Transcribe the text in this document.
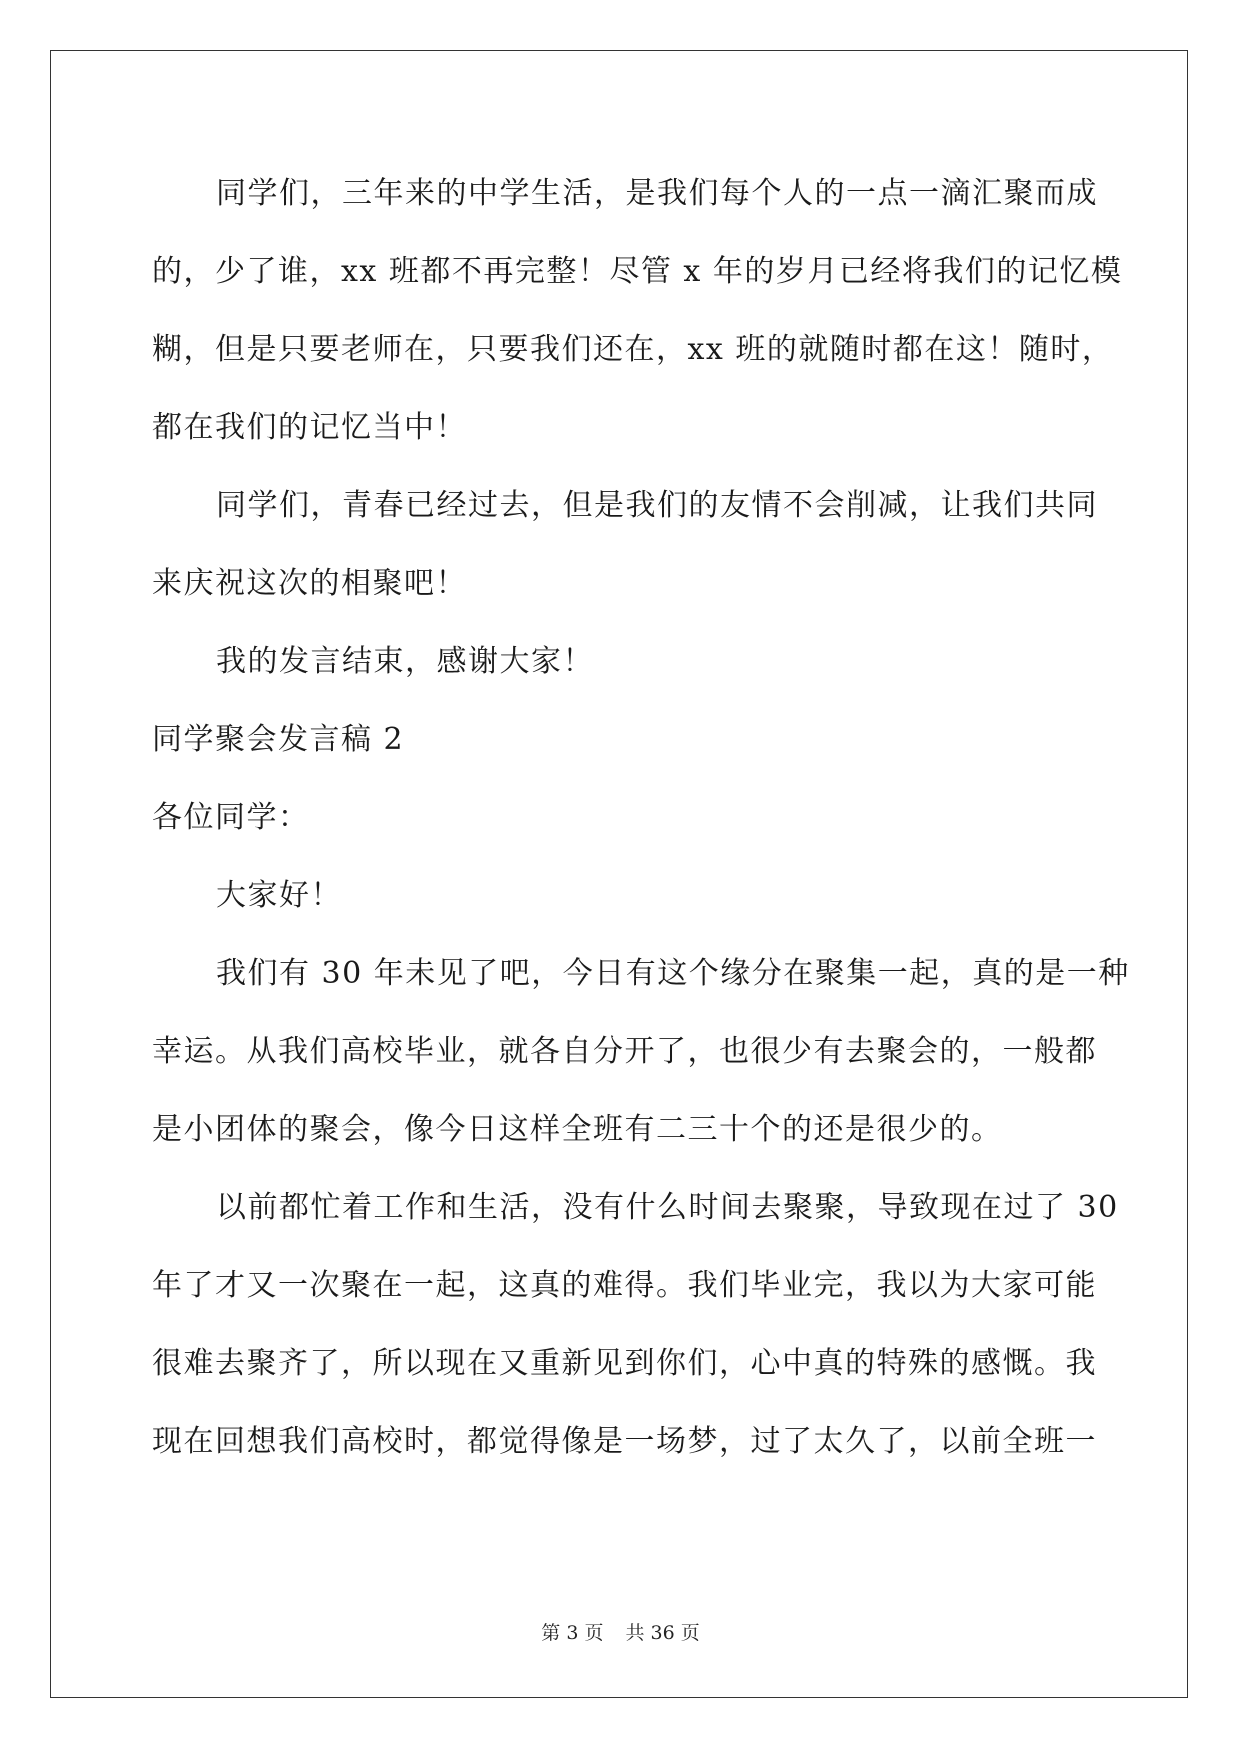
同学们，三年来的中学生活，是我们每个人的一点一滴汇聚而成
的，少了谁，xx 班都不再完整！尽管 x 年的岁月已经将我们的记忆模
糊，但是只要老师在，只要我们还在，xx 班的就随时都在这！随时，
都在我们的记忆当中！
同学们，青春已经过去，但是我们的友情不会削减，让我们共同
来庆祝这次的相聚吧！
我的发言结束，感谢大家！
同学聚会发言稿 2
各位同学：
大家好！
我们有 30 年未见了吧，今日有这个缘分在聚集一起，真的是一种
幸运。从我们高校毕业，就各自分开了，也很少有去聚会的，一般都
是小团体的聚会，像今日这样全班有二三十个的还是很少的。
以前都忙着工作和生活，没有什么时间去聚聚，导致现在过了 30
年了才又一次聚在一起，这真的难得。我们毕业完，我以为大家可能
很难去聚齐了，所以现在又重新见到你们，心中真的特殊的感慨。我
现在回想我们高校时，都觉得像是一场梦，过了太久了，以前全班一
第 3 页 共 36 页
